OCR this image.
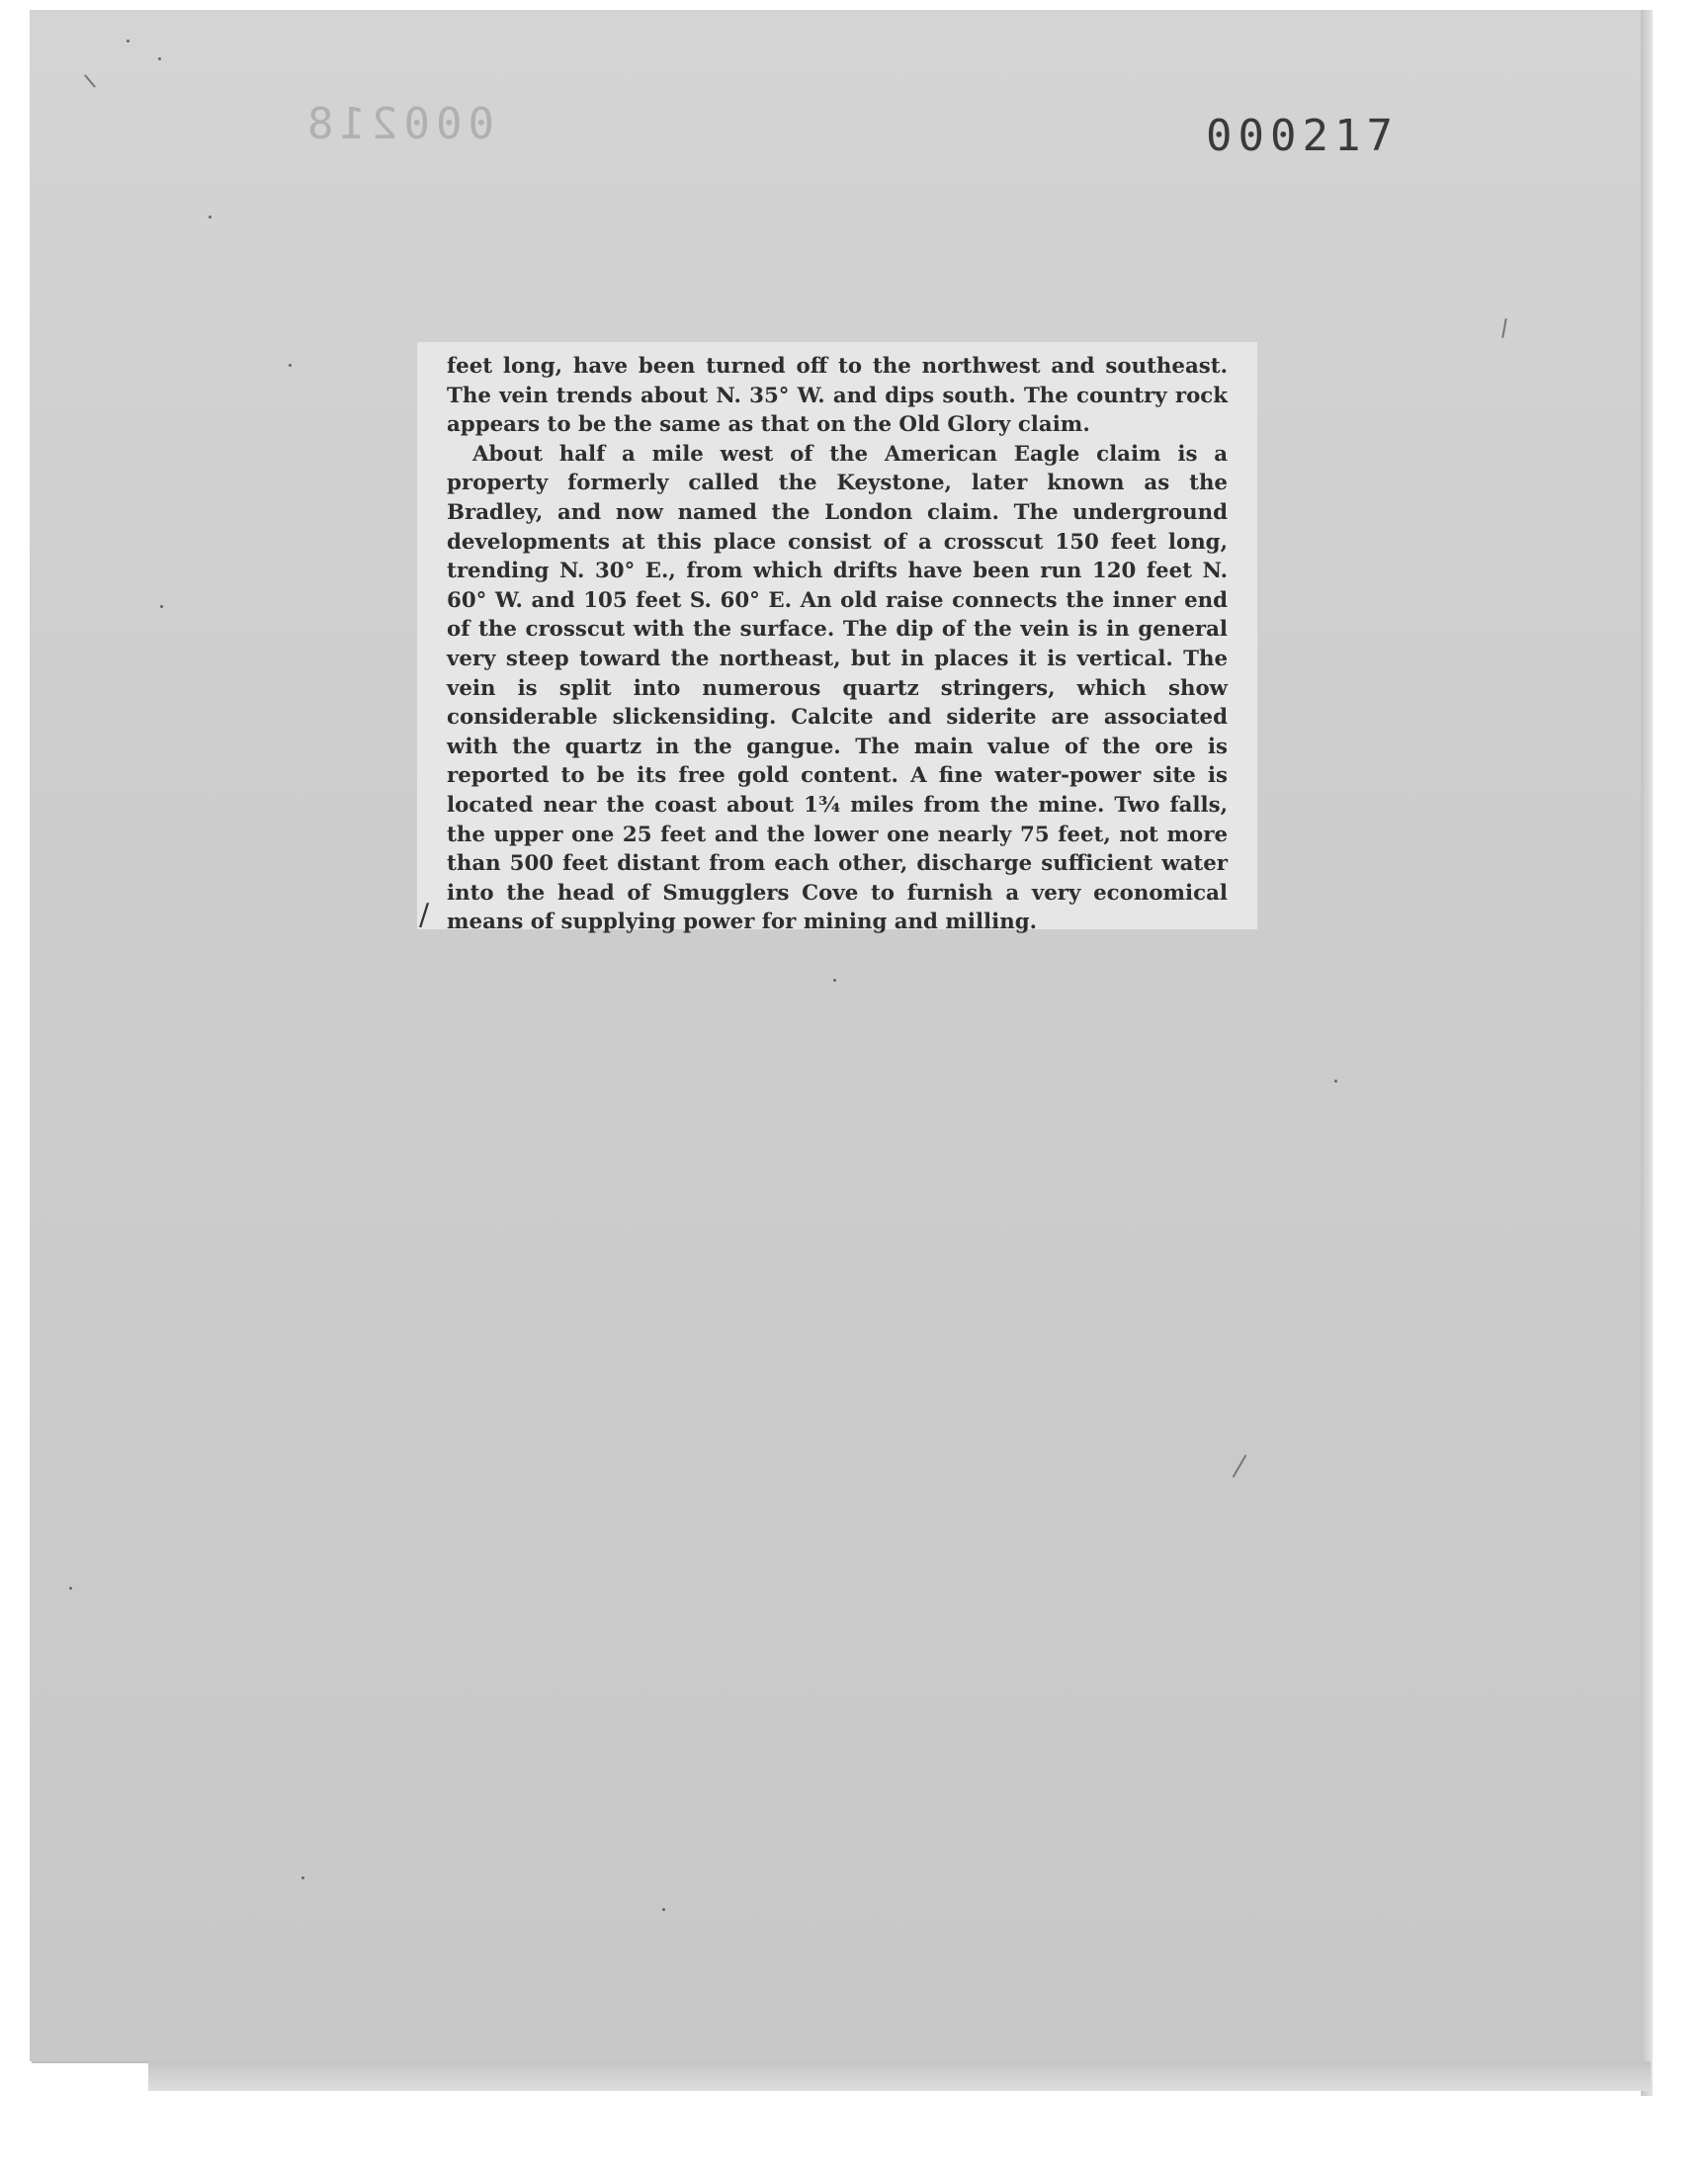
000218	000217

feet long, have been turned off to the northwest and southeast. The vein trends about N. 35° W. and dips south. The country rock appears to be the same as that on the Old Glory claim.

About half a mile west of the American Eagle claim is a property formerly called the Keystone, later known as the Bradley, and now named the London claim. The underground developments at this place consist of a crosscut 150 feet long, trending N. 30° E., from which drifts have been run 120 feet N. 60° W. and 105 feet S. 60° E. An old raise connects the inner end of the crosscut with the surface. The dip of the vein is in general very steep toward the northeast, but in places it is vertical. The vein is split into numerous quartz stringers, which show considerable slickensiding. Calcite and siderite are associated with the quartz in the gangue. The main value of the ore is reported to be its free gold content. A fine water-power site is located near the coast about 1¾ miles from the mine. Two falls, the upper one 25 feet and the lower one nearly 75 feet, not more than 500 feet distant from each other, discharge sufficient water into the head of Smugglers Cove to furnish a very economical means of supplying power for mining and milling.

/
